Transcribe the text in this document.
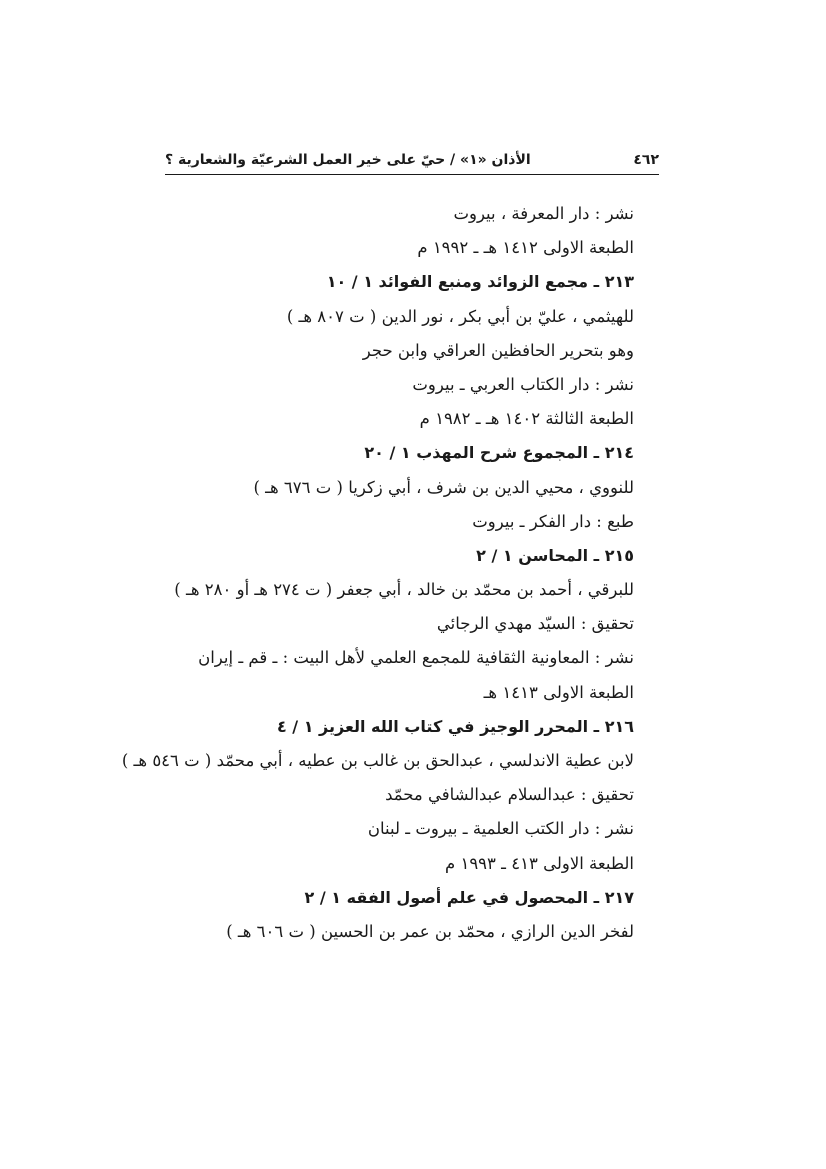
٤٦٢
الأذان «١» / حيّ على خير العمل الشرعيّة والشعارية ؟
نشر : دار المعرفة ، بيروت
الطبعة الاولى ١٤١٢ هـ ـ ١٩٩٢ م
٢١٣ ـ مجمع الزوائد ومنبع الفوائد ١ / ١٠
للهيثمي ، عليّ بن أبي بكر ، نور الدين ( ت ٨٠٧ هـ )
وهو بتحرير الحافظين العراقي وابن حجر
نشر : دار الكتاب العربي ـ بيروت
الطبعة الثالثة ١٤٠٢ هـ ـ ١٩٨٢ م
٢١٤ ـ المجموع شرح المهذب ١ / ٢٠
للنووي ، محيي الدين بن شرف ، أبي زكريا ( ت ٦٧٦ هـ )
طبع : دار الفكر ـ بيروت
٢١٥ ـ المحاسن ١ / ٢
للبرقي ، أحمد بن محمّد بن خالد ، أبي جعفر ( ت ٢٧٤ هـ أو ٢٨٠ هـ )
تحقيق : السيّد مهدي الرجائي
نشر : المعاونية الثقافية للمجمع العلمي لأهل البيت : ـ قم ـ إيران
الطبعة الاولى ١٤١٣ هـ
٢١٦ ـ المحرر الوجيز في كتاب الله العزيز ١ / ٤
لابن عطية الاندلسي ، عبدالحق بن غالب بن عطيه ، أبي محمّد ( ت ٥٤٦ هـ )
تحقيق : عبدالسلام عبدالشافي محمّد
نشر : دار الكتب العلمية ـ بيروت ـ لبنان
الطبعة الاولى ٤١٣ ـ ١٩٩٣ م
٢١٧ ـ المحصول في علم أصول الفقه ١ / ٢
لفخر الدين الرازي ، محمّد بن عمر بن الحسين ( ت ٦٠٦ هـ )
